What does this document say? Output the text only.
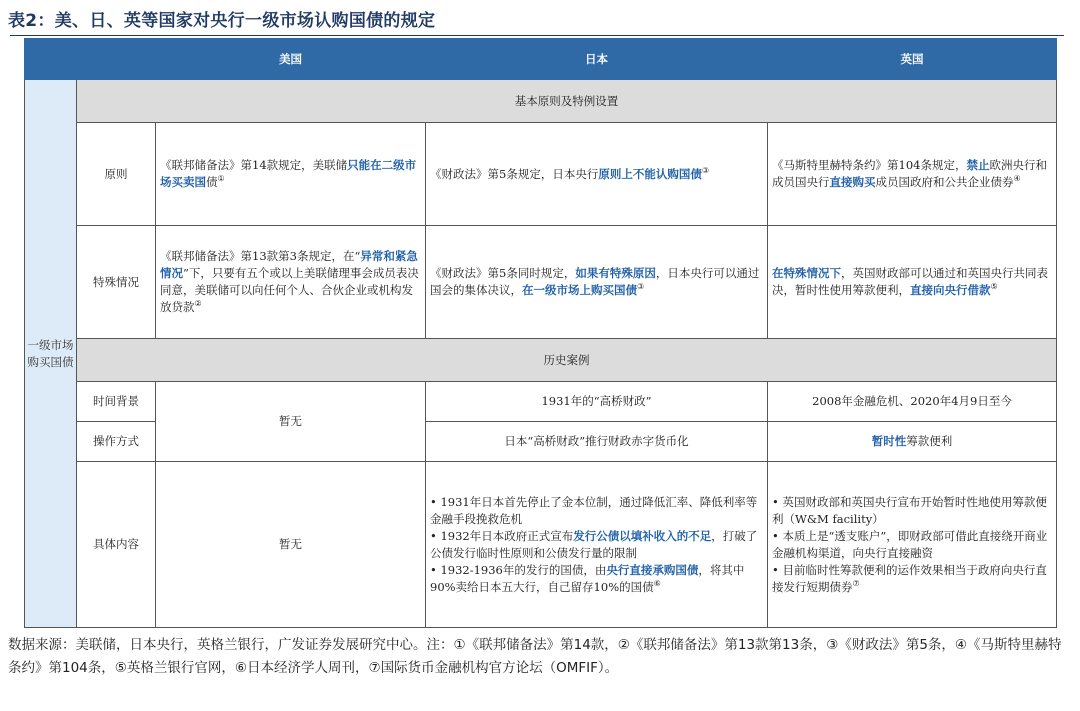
表2：美、日、英等国家对央行一级市场认购国债的规定
		美国	日本	英国
一级市场购买国债	基本原则及特例设置			
	原则	《联邦储备法》第14款规定，美联储只能在二级市场买卖国债①	《财政法》第5条规定，日本央行原则上不能认购国债③	《马斯特里赫特条约》第104条规定，禁止欧洲央行和成员国央行直接购买成员国政府和公共企业债券④
	特殊情况	《联邦储备法》第13款第3条规定，在“异常和紧急情况”下，只要有五个或以上美联储理事会成员表决同意，美联储可以向任何个人、合伙企业或机构发放贷款②	《财政法》第5条同时规定，如果有特殊原因，日本央行可以通过国会的集体决议，在一级市场上购买国债③	在特殊情况下，英国财政部可以通过和英国央行共同表决，暂时性使用筹款便利，直接向央行借款⑤
	历史案例			
	时间背景	暂无	1931年的“高桥财政”	2008年金融危机、2020年4月9日至今
	操作方式		日本“高桥财政”推行财政赤字货币化	暂时性筹款便利
	具体内容	暂无	• 1931年日本首先停止了金本位制，通过降低汇率、降低利率等金融手段挽救危机
• 1932年日本政府正式宣布发行公债以填补收入的不足，打破了公债发行临时性原则和公债发行量的限制
• 1932-1936年的发行的国债，由央行直接承购国债，将其中90%卖给日本五大行，自己留存10%的国债⑥	• 英国财政部和英国央行宣布开始暂时性地使用筹款便利（W&M facility）
• 本质上是“透支账户”，即财政部可借此直接绕开商业金融机构渠道，向央行直接融资
• 目前临时性筹款便利的运作效果相当于政府向央行直接发行短期债券⑦
数据来源：美联储，日本央行，英格兰银行，广发证券发展研究中心。注：①《联邦储备法》第14款，②《联邦储备法》第13款第13条，③《财政法》第5条，④《马斯特里赫特条约》第104条，⑤英格兰银行官网，⑥日本经济学人周刊，⑦国际货币金融机构官方论坛（OMFIF）。
